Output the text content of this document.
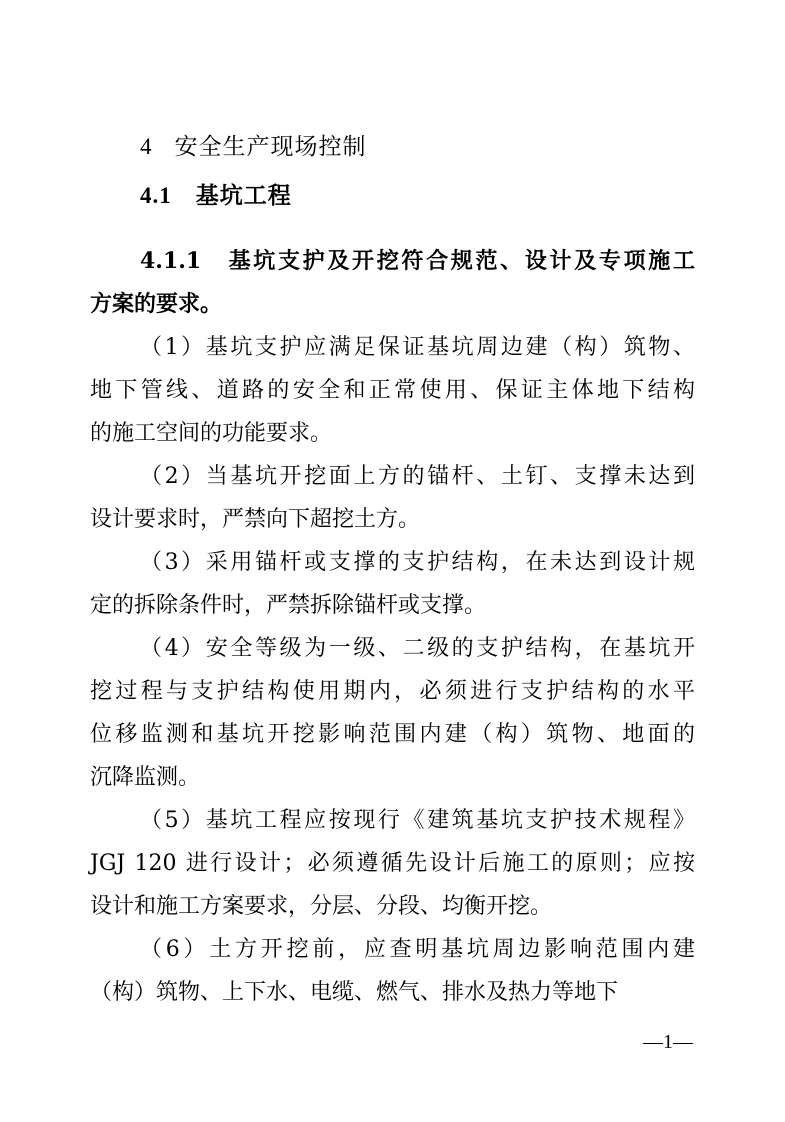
4 安全生产现场控制
4.1 基坑工程
4.1.1　基坑支护及开挖符合规范、设计及专项施工
方案的要求。
（1）基坑支护应满足保证基坑周边建（构）筑物、
地下管线、道路的安全和正常使用、保证主体地下结构
的施工空间的功能要求。
（2）当基坑开挖面上方的锚杆、土钉、支撑未达到
设计要求时，严禁向下超挖土方。
（3）采用锚杆或支撑的支护结构，在未达到设计规
定的拆除条件时，严禁拆除锚杆或支撑。
（4）安全等级为一级、二级的支护结构，在基坑开
挖过程与支护结构使用期内，必须进行支护结构的水平
位移监测和基坑开挖影响范围内建（构）筑物、地面的
沉降监测。
（5）基坑工程应按现行《建筑基坑支护技术规程》
JGJ 120 进行设计；必须遵循先设计后施工的原则；应按
设计和施工方案要求，分层、分段、均衡开挖。
（6）土方开挖前，应查明基坑周边影响范围内建
（构）筑物、上下水、电缆、燃气、排水及热力等地下
—1—
